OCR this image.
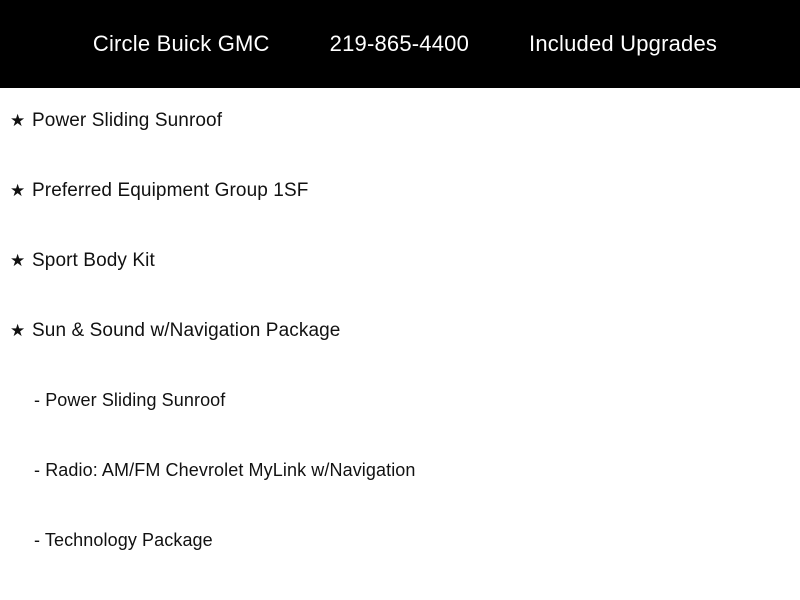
Circle Buick GMC	219-865-4400	Included Upgrades
★ Power Sliding Sunroof
★ Preferred Equipment Group 1SF
★ Sport Body Kit
★ Sun & Sound w/Navigation Package
- Power Sliding Sunroof
- Radio: AM/FM Chevrolet MyLink w/Navigation
- Technology Package
